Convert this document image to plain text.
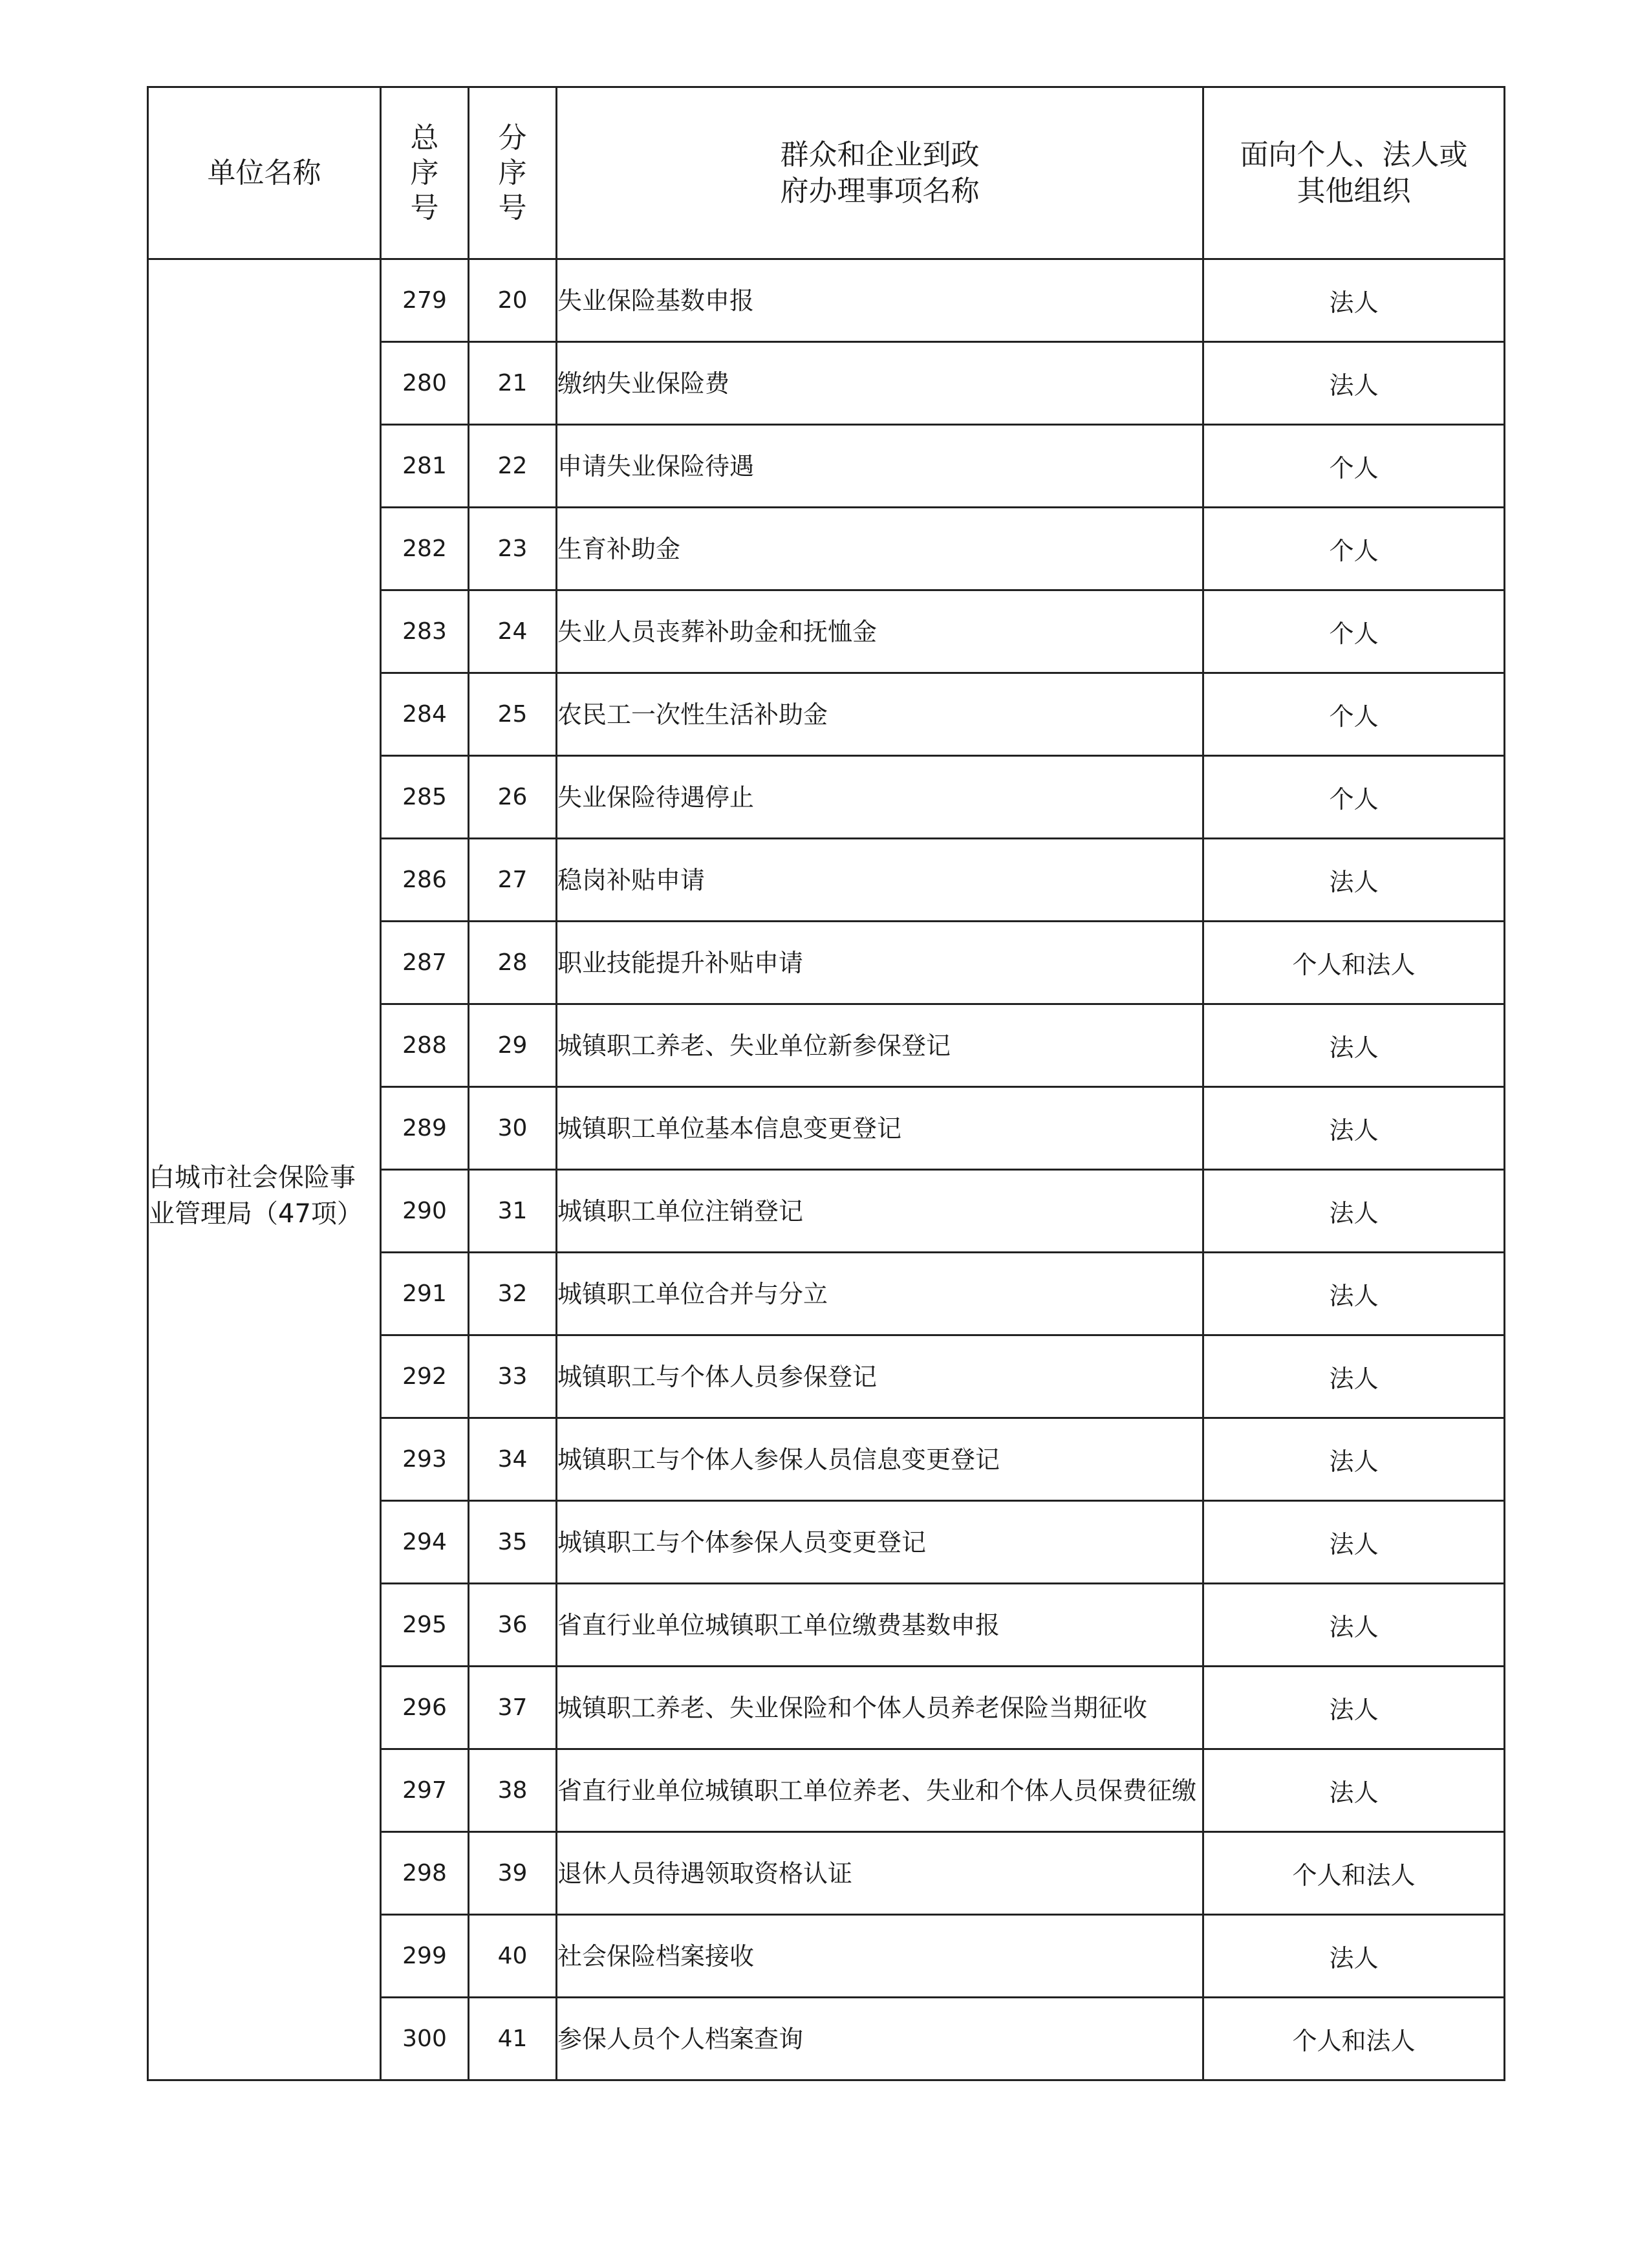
单位名称	总序号	分序号	群众和企业到政府办理事项名称	面向个人、法人或其他组织

白城市社会保险事业管理局（47项）	279	20	失业保险基数申报	法人
	280	21	缴纳失业保险费	法人
	281	22	申请失业保险待遇	个人
	282	23	生育补助金	个人
	283	24	失业人员丧葬补助金和抚恤金	个人
	284	25	农民工一次性生活补助金	个人
	285	26	失业保险待遇停止	个人
	286	27	稳岗补贴申请	法人
	287	28	职业技能提升补贴申请	个人和法人
	288	29	城镇职工养老、失业单位新参保登记	法人
	289	30	城镇职工单位基本信息变更登记	法人
	290	31	城镇职工单位注销登记	法人
	291	32	城镇职工单位合并与分立	法人
	292	33	城镇职工与个体人员参保登记	法人
	293	34	城镇职工与个体人参保人员信息变更登记	法人
	294	35	城镇职工与个体参保人员变更登记	法人
	295	36	省直行业单位城镇职工单位缴费基数申报	法人
	296	37	城镇职工养老、失业保险和个体人员养老保险当期征收	法人
	297	38	省直行业单位城镇职工单位养老、失业和个体人员保费征缴	法人
	298	39	退休人员待遇领取资格认证	个人和法人
	299	40	社会保险档案接收	法人
	300	41	参保人员个人档案查询	个人和法人
